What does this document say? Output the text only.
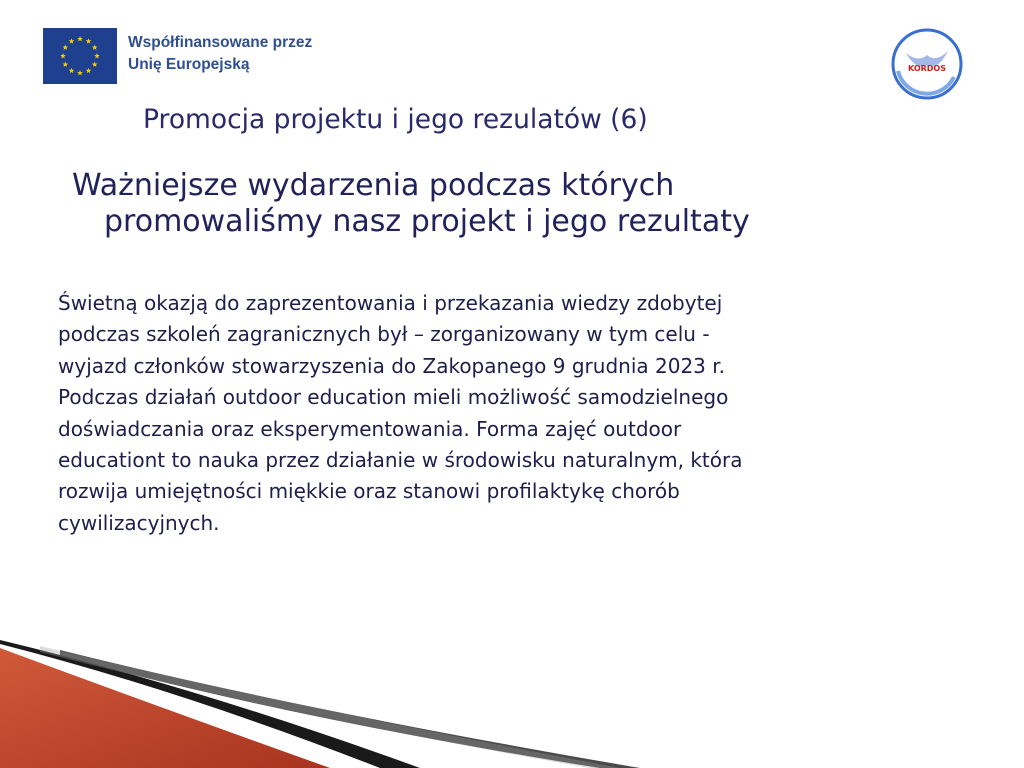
Współfinansowane przez
Unię Europejską	KORDOS
Promocja projektu i jego rezulatów (6)
Ważniejsze wydarzenia podczas których
promowaliśmy nasz projekt i jego rezultaty
Świetną okazją do zaprezentowania i przekazania wiedzy zdobytej
podczas szkoleń zagranicznych był – zorganizowany w tym celu -
wyjazd członków stowarzyszenia do Zakopanego 9 grudnia 2023 r.
Podczas działań outdoor education mieli możliwość samodzielnego
doświadczania oraz eksperymentowania. Forma zajęć outdoor
educationt to nauka przez działanie w środowisku naturalnym, która
rozwija umiejętności miękkie oraz stanowi profilaktykę chorób
cywilizacyjnych.
